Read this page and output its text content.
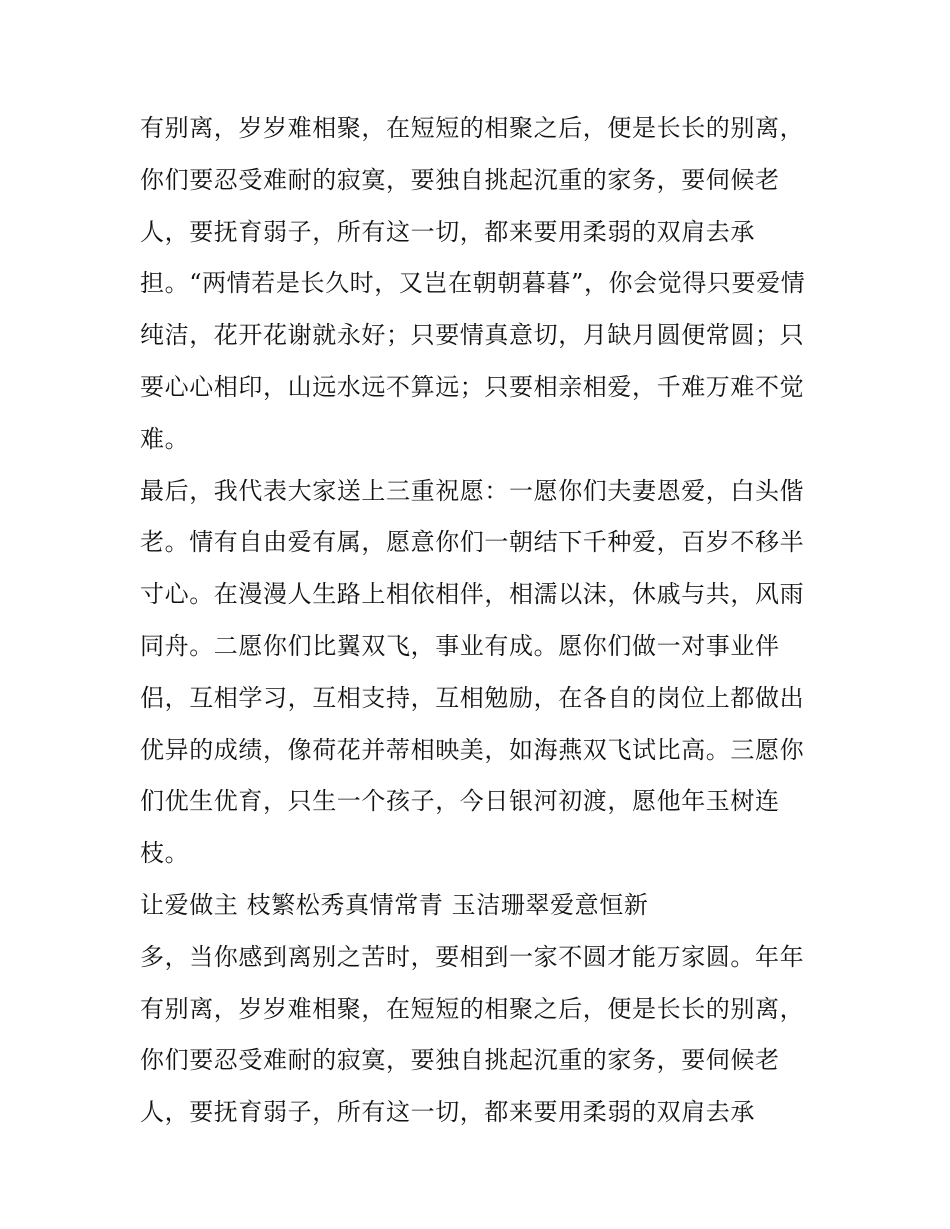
有别离，岁岁难相聚，在短短的相聚之后，便是长长的别离，
你们要忍受难耐的寂寞，要独自挑起沉重的家务，要伺候老
人，要抚育弱子，所有这一切，都来要用柔弱的双肩去承
担。“两情若是长久时，又岂在朝朝暮暮”，你会觉得只要爱情
纯洁，花开花谢就永好；只要情真意切，月缺月圆便常圆；只
要心心相印，山远水远不算远；只要相亲相爱，千难万难不觉
难。
最后，我代表大家送上三重祝愿：一愿你们夫妻恩爱，白头偕
老。情有自由爱有属，愿意你们一朝结下千种爱，百岁不移半
寸心。在漫漫人生路上相依相伴，相濡以沫，休戚与共，风雨
同舟。二愿你们比翼双飞，事业有成。愿你们做一对事业伴
侣，互相学习，互相支持，互相勉励，在各自的岗位上都做出
优异的成绩，像荷花并蒂相映美，如海燕双飞试比高。三愿你
们优生优育，只生一个孩子，今日银河初渡，愿他年玉树连
枝。
让爱做主 枝繁松秀真情常青 玉洁珊翠爱意恒新
多，当你感到离别之苦时，要相到一家不圆才能万家圆。年年
有别离，岁岁难相聚，在短短的相聚之后，便是长长的别离，
你们要忍受难耐的寂寞，要独自挑起沉重的家务，要伺候老
人，要抚育弱子，所有这一切，都来要用柔弱的双肩去承
